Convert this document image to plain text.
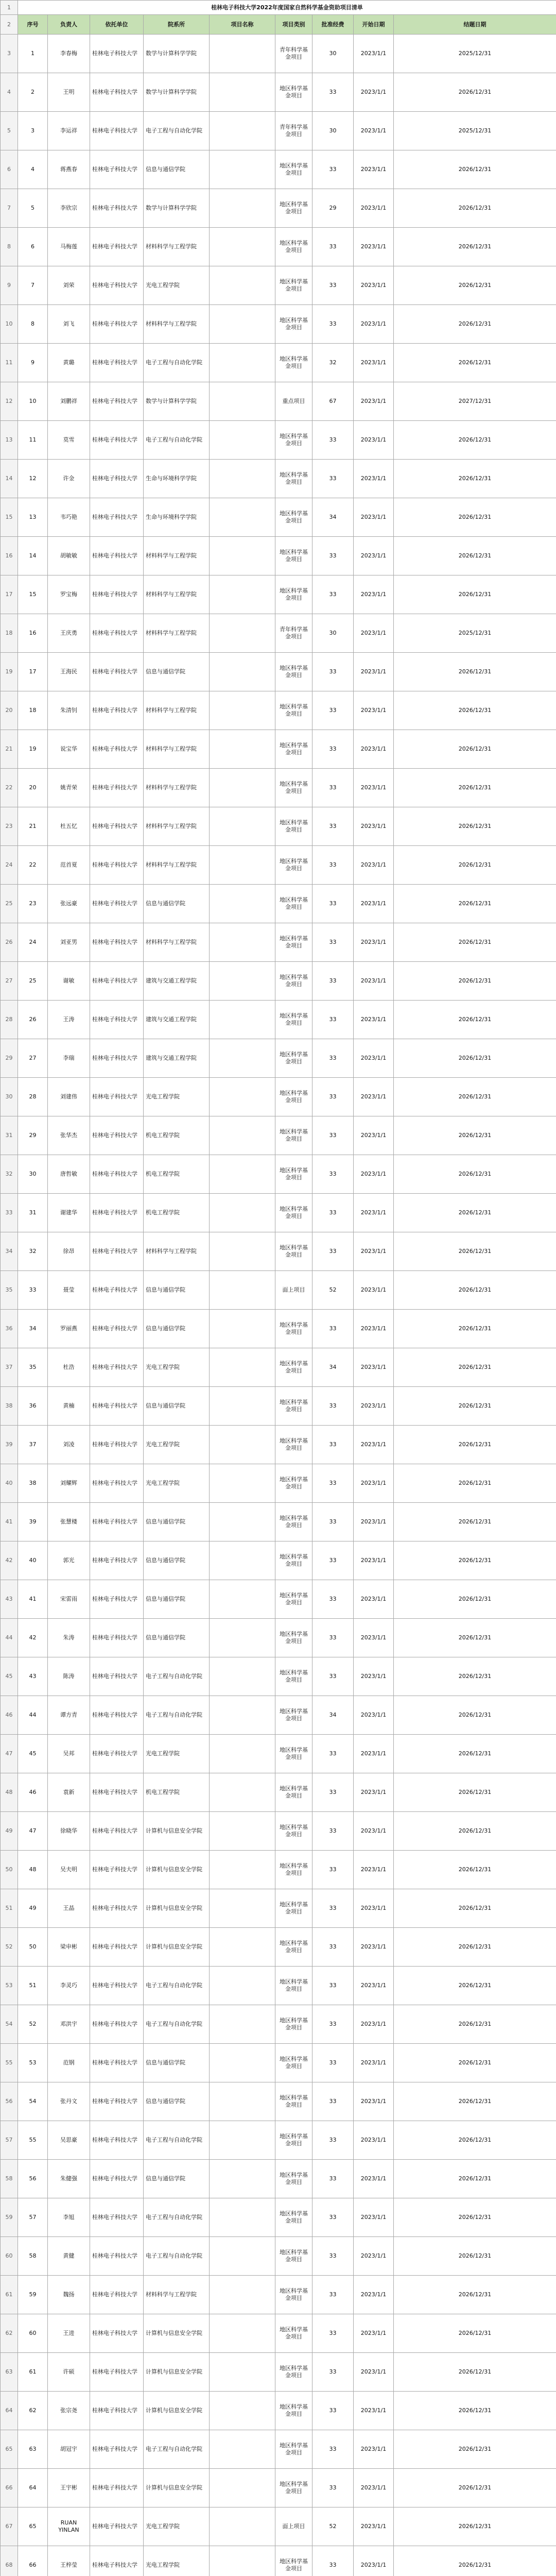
1	桂林电子科技大学2022年度国家自然科学基金资助项目清单								
2	序号	负责人	依托单位	院系所	项目名称	项目类别	批准经费	开始日期	结题日期
3	1	李春梅	桂林电子科技大学	数学与计算科学学院		青年科学基金项目	30	2023/1/1	2025/12/31
4	2	王明	桂林电子科技大学	数学与计算科学学院		地区科学基金项目	33	2023/1/1	2026/12/31
5	3	李运祥	桂林电子科技大学	电子工程与自动化学院		青年科学基金项目	30	2023/1/1	2025/12/31
6	4	蒋燕春	桂林电子科技大学	信息与通信学院		地区科学基金项目	33	2023/1/1	2026/12/31
7	5	李欣宗	桂林电子科技大学	数学与计算科学学院		地区科学基金项目	29	2023/1/1	2026/12/31
8	6	马梅莲	桂林电子科技大学	材料科学与工程学院		地区科学基金项目	33	2023/1/1	2026/12/31
9	7	刘荣	桂林电子科技大学	光电工程学院		地区科学基金项目	33	2023/1/1	2026/12/31
10	8	刘飞	桂林电子科技大学	材料科学与工程学院		地区科学基金项目	33	2023/1/1	2026/12/31
11	9	黄璐	桂林电子科技大学	电子工程与自动化学院		地区科学基金项目	32	2023/1/1	2026/12/31
12	10	刘鹏祥	桂林电子科技大学	数学与计算科学学院		重点项目	67	2023/1/1	2027/12/31
13	11	莫雪	桂林电子科技大学	电子工程与自动化学院		地区科学基金项目	33	2023/1/1	2026/12/31
14	12	许金	桂林电子科技大学	生命与环境科学学院		地区科学基金项目	33	2023/1/1	2026/12/31
15	13	韦巧艳	桂林电子科技大学	生命与环境科学学院		地区科学基金项目	34	2023/1/1	2026/12/31
16	14	胡敏敏	桂林电子科技大学	材料科学与工程学院		地区科学基金项目	33	2023/1/1	2026/12/31
17	15	罗宝梅	桂林电子科技大学	材料科学与工程学院		地区科学基金项目	33	2023/1/1	2026/12/31
18	16	王庆勇	桂林电子科技大学	材料科学与工程学院		青年科学基金项目	30	2023/1/1	2025/12/31
19	17	王海民	桂林电子科技大学	信息与通信学院		地区科学基金项目	33	2023/1/1	2026/12/31
20	18	朱清钊	桂林电子科技大学	材料科学与工程学院		地区科学基金项目	33	2023/1/1	2026/12/31
21	19	说宝华	桂林电子科技大学	材料科学与工程学院		地区科学基金项目	33	2023/1/1	2026/12/31
22	20	姚青荣	桂林电子科技大学	材料科学与工程学院		地区科学基金项目	33	2023/1/1	2026/12/31
23	21	杜五忆	桂林电子科技大学	材料科学与工程学院		地区科学基金项目	33	2023/1/1	2026/12/31
24	22	范首夏	桂林电子科技大学	材料科学与工程学院		地区科学基金项目	33	2023/1/1	2026/12/31
25	23	张远豪	桂林电子科技大学	信息与通信学院		地区科学基金项目	33	2023/1/1	2026/12/31
26	24	刘亚男	桂林电子科技大学	材料科学与工程学院		地区科学基金项目	33	2023/1/1	2026/12/31
27	25	谢敏	桂林电子科技大学	建筑与交通工程学院		地区科学基金项目	33	2023/1/1	2026/12/31
28	26	王涛	桂林电子科技大学	建筑与交通工程学院		地区科学基金项目	33	2023/1/1	2026/12/31
29	27	李瑞	桂林电子科技大学	建筑与交通工程学院		地区科学基金项目	33	2023/1/1	2026/12/31
30	28	刘建伟	桂林电子科技大学	光电工程学院		地区科学基金项目	33	2023/1/1	2026/12/31
31	29	张华杰	桂林电子科技大学	机电工程学院		地区科学基金项目	33	2023/1/1	2026/12/31
32	30	唐哲敏	桂林电子科技大学	机电工程学院		地区科学基金项目	33	2023/1/1	2026/12/31
33	31	谢建华	桂林电子科技大学	机电工程学院		地区科学基金项目	33	2023/1/1	2026/12/31
34	32	徐昂	桂林电子科技大学	材料科学与工程学院		地区科学基金项目	33	2023/1/1	2026/12/31
35	33	聂莹	桂林电子科技大学	信息与通信学院		面上项目	52	2023/1/1	2026/12/31
36	34	罗丽燕	桂林电子科技大学	信息与通信学院		地区科学基金项目	33	2023/1/1	2026/12/31
37	35	杜浩	桂林电子科技大学	光电工程学院		地区科学基金项目	34	2023/1/1	2026/12/31
38	36	黄楠	桂林电子科技大学	信息与通信学院		地区科学基金项目	33	2023/1/1	2026/12/31
39	37	刘凌	桂林电子科技大学	光电工程学院		地区科学基金项目	33	2023/1/1	2026/12/31
40	38	刘耀辉	桂林电子科技大学	光电工程学院		地区科学基金项目	33	2023/1/1	2026/12/31
41	39	张慧楼	桂林电子科技大学	信息与通信学院		地区科学基金项目	33	2023/1/1	2026/12/31
42	40	郭光	桂林电子科技大学	信息与通信学院		地区科学基金项目	33	2023/1/1	2026/12/31
43	41	宋雷雨	桂林电子科技大学	信息与通信学院		地区科学基金项目	33	2023/1/1	2026/12/31
44	42	朱涛	桂林电子科技大学	信息与通信学院		地区科学基金项目	33	2023/1/1	2026/12/31
45	43	陈涛	桂林电子科技大学	电子工程与自动化学院		地区科学基金项目	33	2023/1/1	2026/12/31
46	44	谭方青	桂林电子科技大学	电子工程与自动化学院		地区科学基金项目	34	2023/1/1	2026/12/31
47	45	吴邦	桂林电子科技大学	光电工程学院		地区科学基金项目	33	2023/1/1	2026/12/31
48	46	袁新	桂林电子科技大学	机电工程学院		地区科学基金项目	33	2023/1/1	2026/12/31
49	47	徐晓华	桂林电子科技大学	计算机与信息安全学院		地区科学基金项目	33	2023/1/1	2026/12/31
50	48	吴夫明	桂林电子科技大学	计算机与信息安全学院		地区科学基金项目	33	2023/1/1	2026/12/31
51	49	王晶	桂林电子科技大学	计算机与信息安全学院		地区科学基金项目	33	2023/1/1	2026/12/31
52	50	梁申彬	桂林电子科技大学	计算机与信息安全学院		地区科学基金项目	33	2023/1/1	2026/12/31
53	51	李灵巧	桂林电子科技大学	电子工程与自动化学院		地区科学基金项目	33	2023/1/1	2026/12/31
54	52	邓洪宇	桂林电子科技大学	电子工程与自动化学院		地区科学基金项目	33	2023/1/1	2026/12/31
55	53	范钢	桂林电子科技大学	信息与通信学院		地区科学基金项目	33	2023/1/1	2026/12/31
56	54	张丹文	桂林电子科技大学	信息与通信学院		地区科学基金项目	33	2023/1/1	2026/12/31
57	55	吴思豪	桂林电子科技大学	电子工程与自动化学院		地区科学基金项目	33	2023/1/1	2026/12/31
58	56	朱健强	桂林电子科技大学	信息与通信学院		地区科学基金项目	33	2023/1/1	2026/12/31
59	57	李旭	桂林电子科技大学	电子工程与自动化学院		地区科学基金项目	33	2023/1/1	2026/12/31
60	58	黄健	桂林电子科技大学	电子工程与自动化学院		地区科学基金项目	33	2023/1/1	2026/12/31
61	59	魏扬	桂林电子科技大学	材料科学与工程学院		地区科学基金项目	33	2023/1/1	2026/12/31
62	60	王进	桂林电子科技大学	计算机与信息安全学院		地区科学基金项目	33	2023/1/1	2026/12/31
63	61	许硕	桂林电子科技大学	计算机与信息安全学院		地区科学基金项目	33	2023/1/1	2026/12/31
64	62	张宗尧	桂林电子科技大学	计算机与信息安全学院		地区科学基金项目	33	2023/1/1	2026/12/31
65	63	胡冠宇	桂林电子科技大学	电子工程与自动化学院		地区科学基金项目	33	2023/1/1	2026/12/31
66	64	王宇彬	桂林电子科技大学	计算机与信息安全学院		地区科学基金项目	33	2023/1/1	2026/12/31
67	65	RUAN YINLAN	桂林电子科技大学	光电工程学院		面上项目	52	2023/1/1	2026/12/31
68	66	王梓莹	桂林电子科技大学	光电工程学院		地区科学基金项目	33	2023/1/1	2026/12/31
